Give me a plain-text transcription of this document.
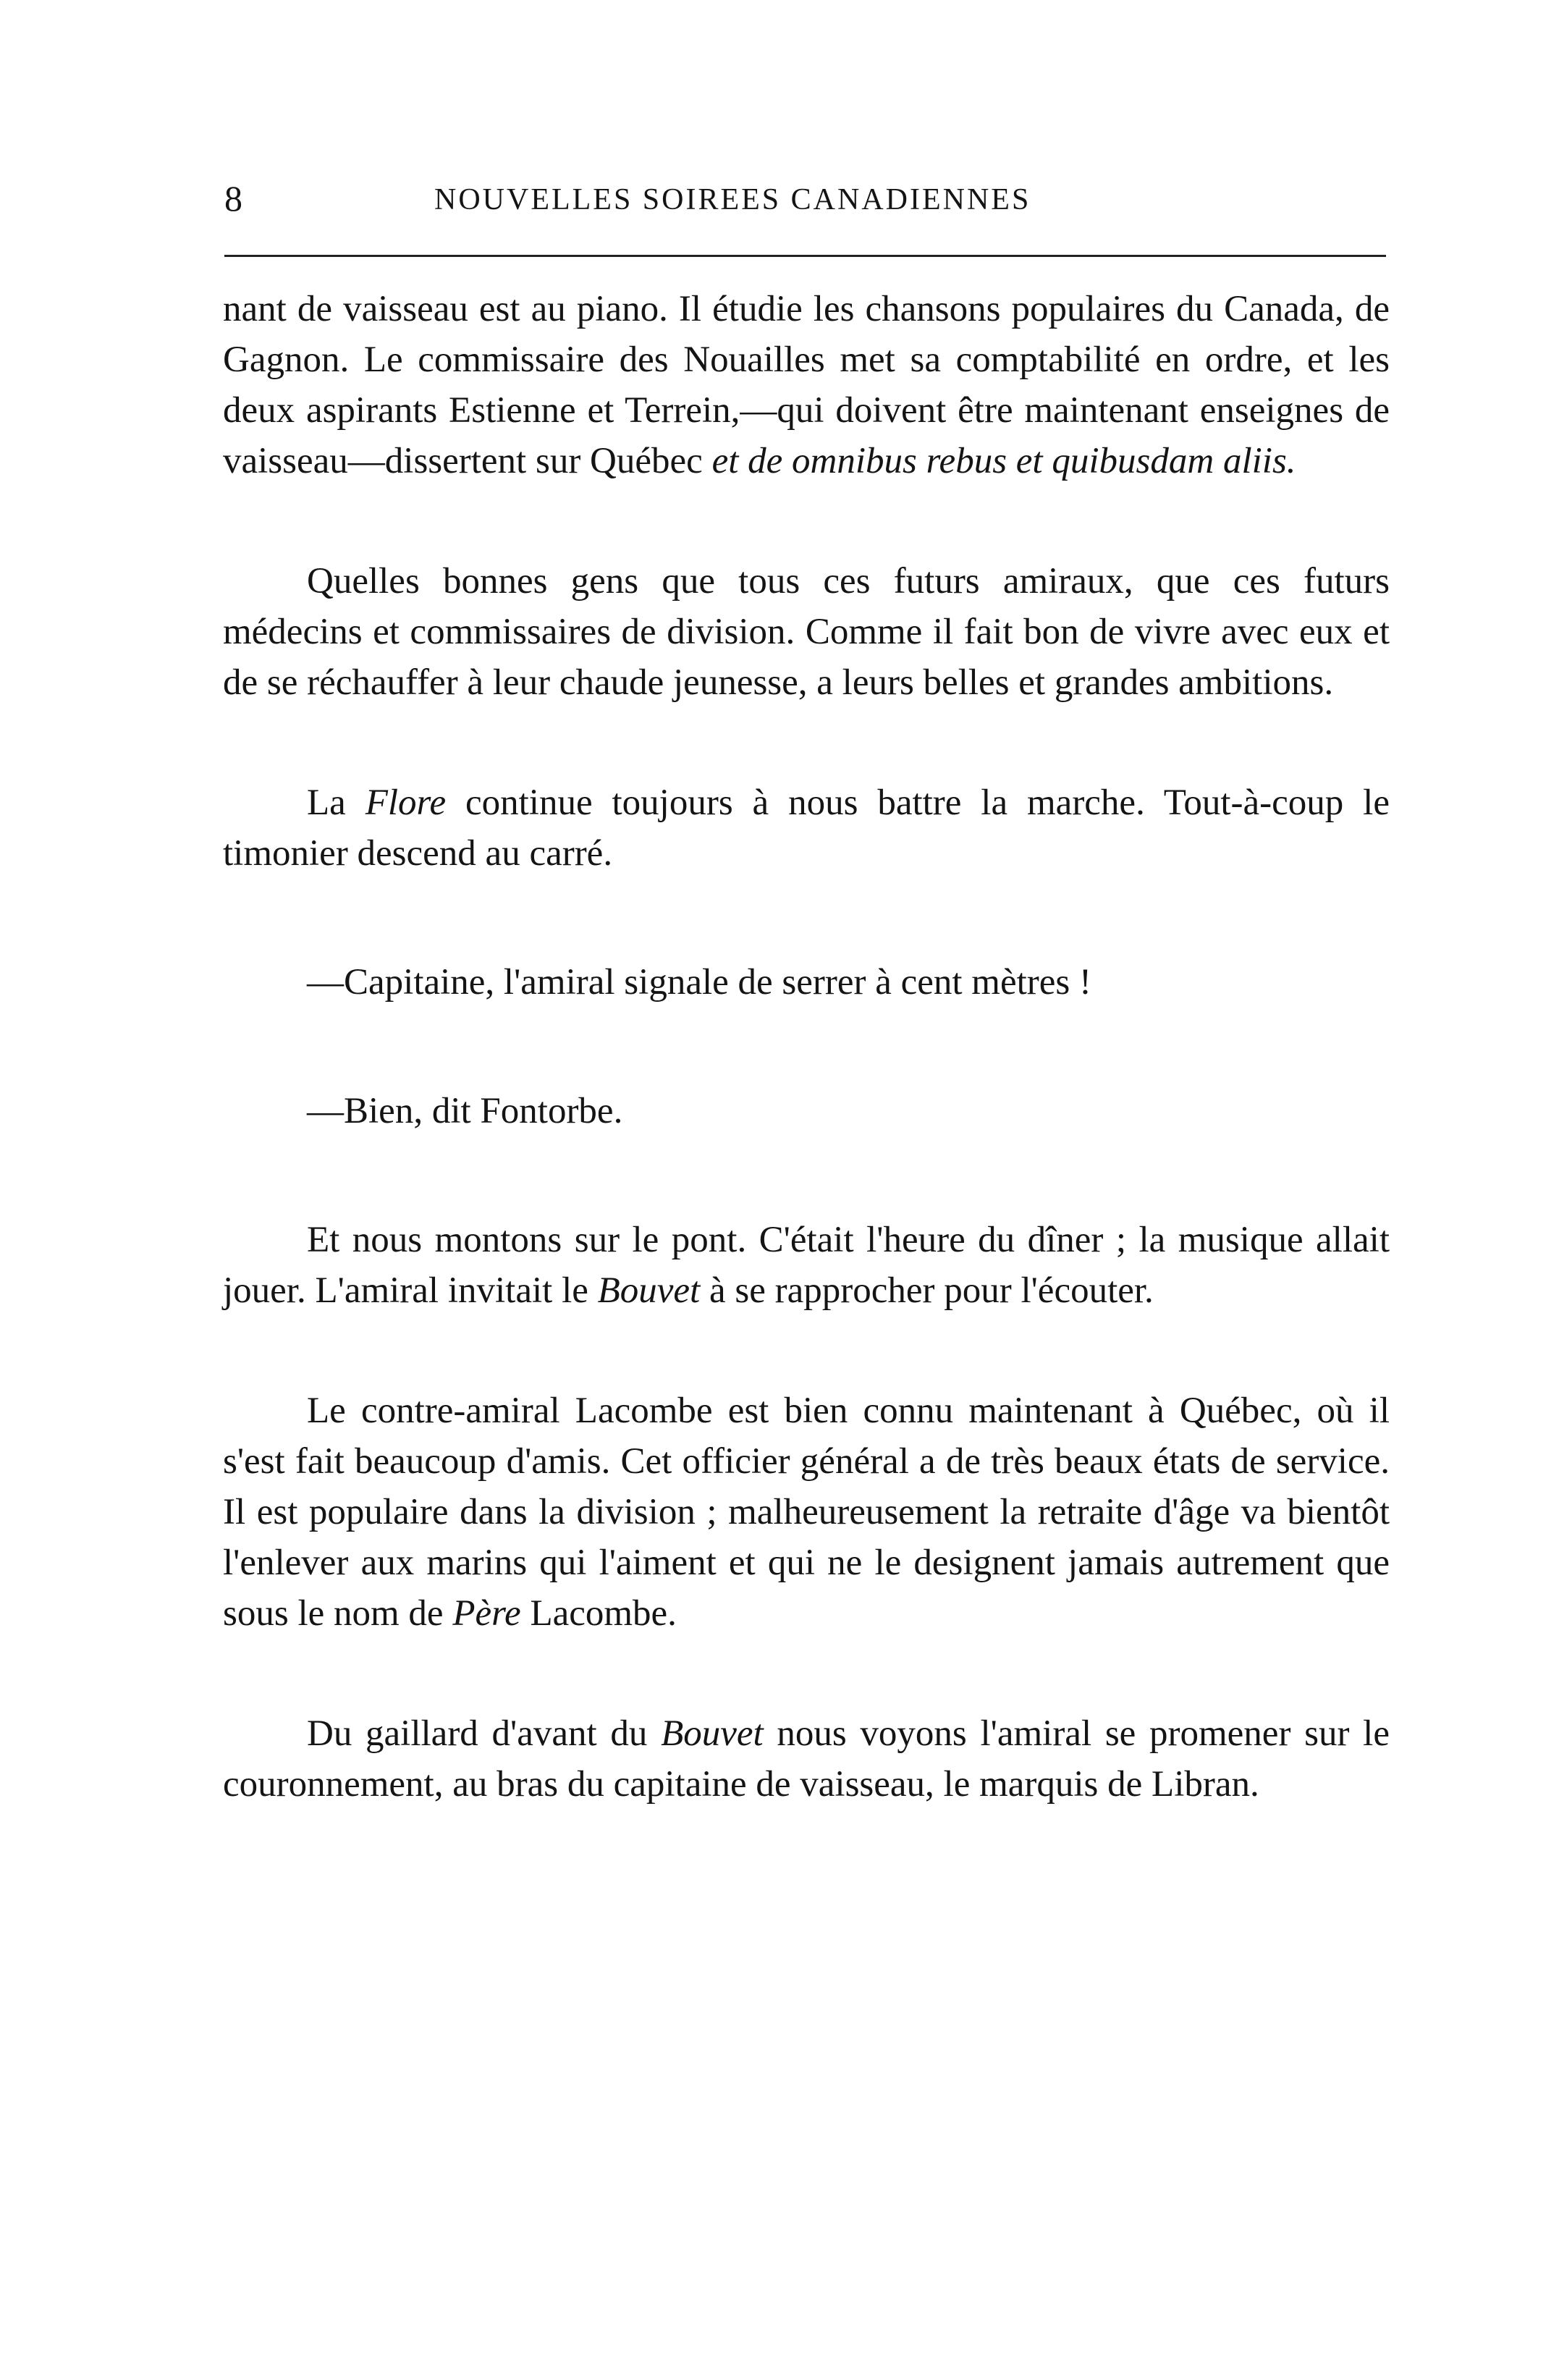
8	NOUVELLES SOIREES CANADIENNES

nant de vaisseau est au piano. Il étudie les chansons populaires du Canada, de Gagnon. Le commissaire des Nouailles met sa comptabilité en ordre, et les deux aspirants Estienne et Terrein,—qui doivent être maintenant enseignes de vaisseau—dissertent sur Québec et de omnibus rebus et quibusdam aliis.

Quelles bonnes gens que tous ces futurs amiraux, que ces futurs médecins et commissaires de division. Comme il fait bon de vivre avec eux et de se réchauffer à leur chaude jeunesse, a leurs belles et grandes ambitions.

La Flore continue toujours à nous battre la marche. Tout-à-coup le timonier descend au carré.

—Capitaine, l'amiral signale de serrer à cent mètres !

—Bien, dit Fontorbe.

Et nous montons sur le pont. C'était l'heure du dîner ; la musique allait jouer. L'amiral invitait le Bouvet à se rapprocher pour l'écouter.

Le contre-amiral Lacombe est bien connu maintenant à Québec, où il s'est fait beaucoup d'amis. Cet officier général a de très beaux états de service. Il est populaire dans la division ; malheureusement la retraite d'âge va bientôt l'enlever aux marins qui l'aiment et qui ne le designent jamais autrement que sous le nom de Père Lacombe.

Du gaillard d'avant du Bouvet nous voyons l'amiral se promener sur le couronnement, au bras du capitaine de vaisseau, le marquis de Libran.
